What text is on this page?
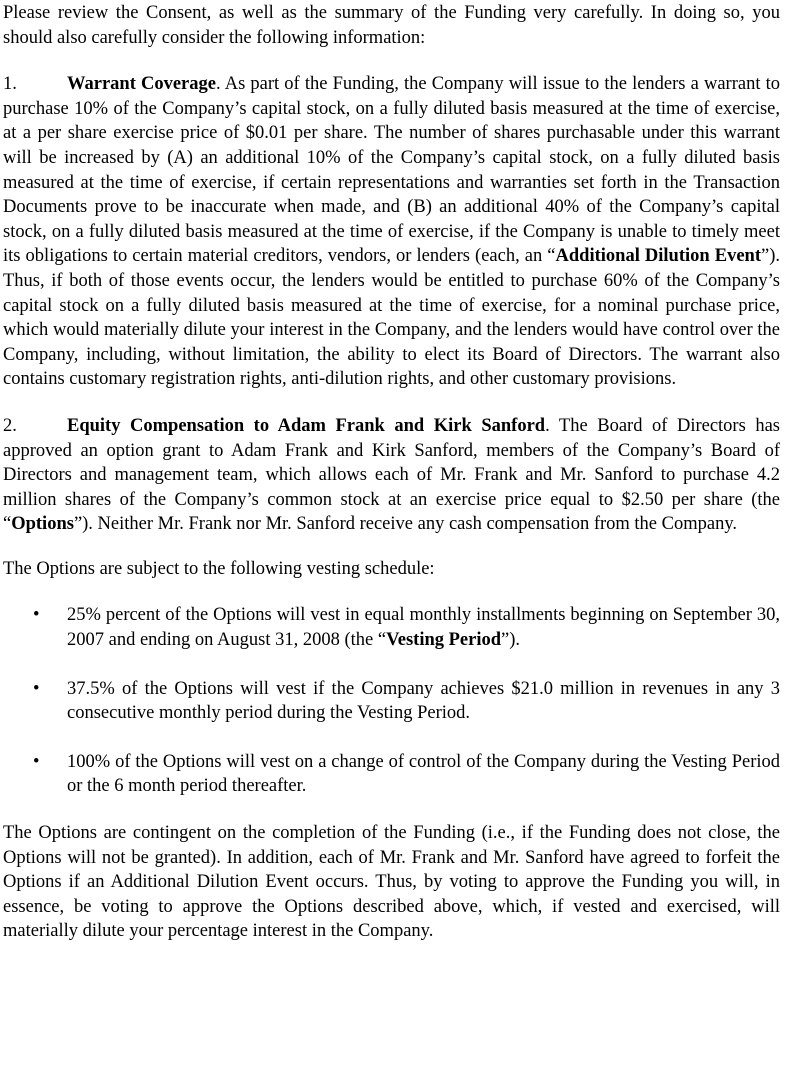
Please review the Consent, as well as the summary of the Funding very carefully. In doing so, you should also carefully consider the following information:

1.	Warrant Coverage. As part of the Funding, the Company will issue to the lenders a warrant to purchase 10% of the Company’s capital stock, on a fully diluted basis measured at the time of exercise, at a per share exercise price of $0.01 per share. The number of shares purchasable under this warrant will be increased by (A) an additional 10% of the Company’s capital stock, on a fully diluted basis measured at the time of exercise, if certain representations and warranties set forth in the Transaction Documents prove to be inaccurate when made, and (B) an additional 40% of the Company’s capital stock, on a fully diluted basis measured at the time of exercise, if the Company is unable to timely meet its obligations to certain material creditors, vendors, or lenders (each, an “Additional Dilution Event”). Thus, if both of those events occur, the lenders would be entitled to purchase 60% of the Company’s capital stock on a fully diluted basis measured at the time of exercise, for a nominal purchase price, which would materially dilute your interest in the Company, and the lenders would have control over the Company, including, without limitation, the ability to elect its Board of Directors. The warrant also contains customary registration rights, anti-dilution rights, and other customary provisions.

2.	Equity Compensation to Adam Frank and Kirk Sanford. The Board of Directors has approved an option grant to Adam Frank and Kirk Sanford, members of the Company’s Board of Directors and management team, which allows each of Mr. Frank and Mr. Sanford to purchase 4.2 million shares of the Company’s common stock at an exercise price equal to $2.50 per share (the “Options”). Neither Mr. Frank nor Mr. Sanford receive any cash compensation from the Company.

The Options are subject to the following vesting schedule:

• 25% percent of the Options will vest in equal monthly installments beginning on September 30, 2007 and ending on August 31, 2008 (the “Vesting Period”).
• 37.5% of the Options will vest if the Company achieves $21.0 million in revenues in any 3 consecutive monthly period during the Vesting Period.
• 100% of the Options will vest on a change of control of the Company during the Vesting Period or the 6 month period thereafter.

The Options are contingent on the completion of the Funding (i.e., if the Funding does not close, the Options will not be granted). In addition, each of Mr. Frank and Mr. Sanford have agreed to forfeit the Options if an Additional Dilution Event occurs. Thus, by voting to approve the Funding you will, in essence, be voting to approve the Options described above, which, if vested and exercised, will materially dilute your percentage interest in the Company.
